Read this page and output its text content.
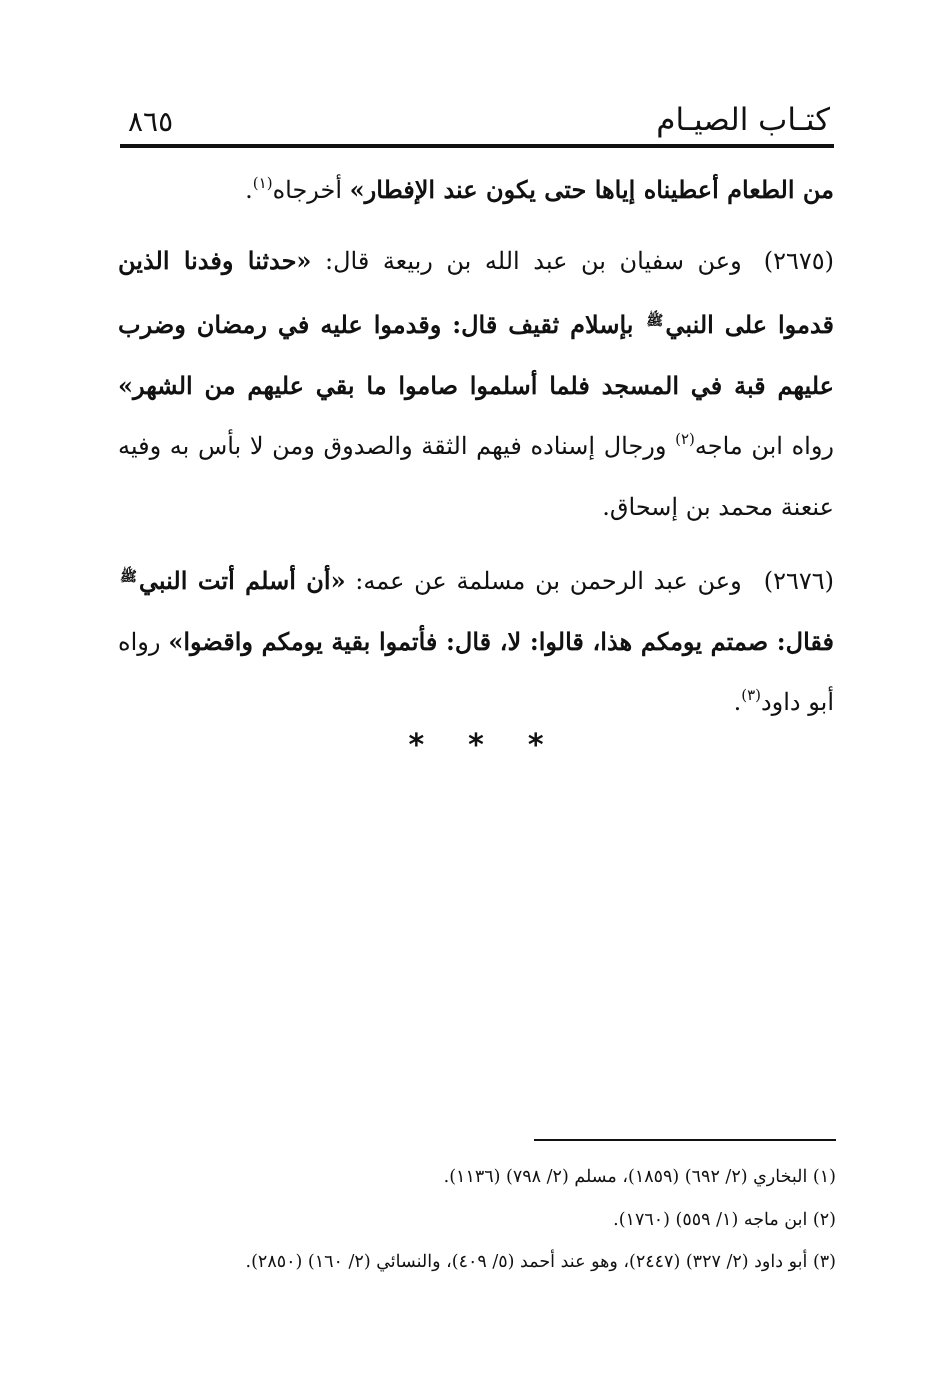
كتـاب الصيـام
٨٦٥

من الطعام أعطيناه إياها حتى يكون عند الإفطار» أخرجاه$^{(١)}$.

(٢٦٧٥)وعن سفيان بن عبد الله بن ربيعة قال: «حدثنا وفدنا الذين قدموا على النبي$^ﷺ$ بإسلام ثقيف قال: وقدموا عليه في رمضان وضرب عليهم قبة في المسجد فلما أسلموا صاموا ما بقي عليهم من الشهر» رواه ابن ماجه$^{(٢)}$ ورجال إسناده فيهم الثقة والصدوق ومن لا بأس به وفيه عنعنة محمد بن إسحاق.

(٢٦٧٦)وعن عبد الرحمن بن مسلمة عن عمه: «أن أسلم أتت النبي$^ﷺ$ فقال: صمتم يومكم هذا، قالوا: لا، قال: فأتموا بقية يومكم واقضوا» رواه أبو داود$^{(٣)}$.

* * *
(١) البخاري (٢/ ٦٩٢) (١٨٥٩)، مسلم (٢/ ٧٩٨) (١١٣٦).
(٢) ابن ماجه (١/ ٥٥٩) (١٧٦٠).
(٣) أبو داود (٢/ ٣٢٧) (٢٤٤٧)، وهو عند أحمد (٥/ ٤٠٩)، والنسائي (٢/ ١٦٠) (٢٨٥٠).
